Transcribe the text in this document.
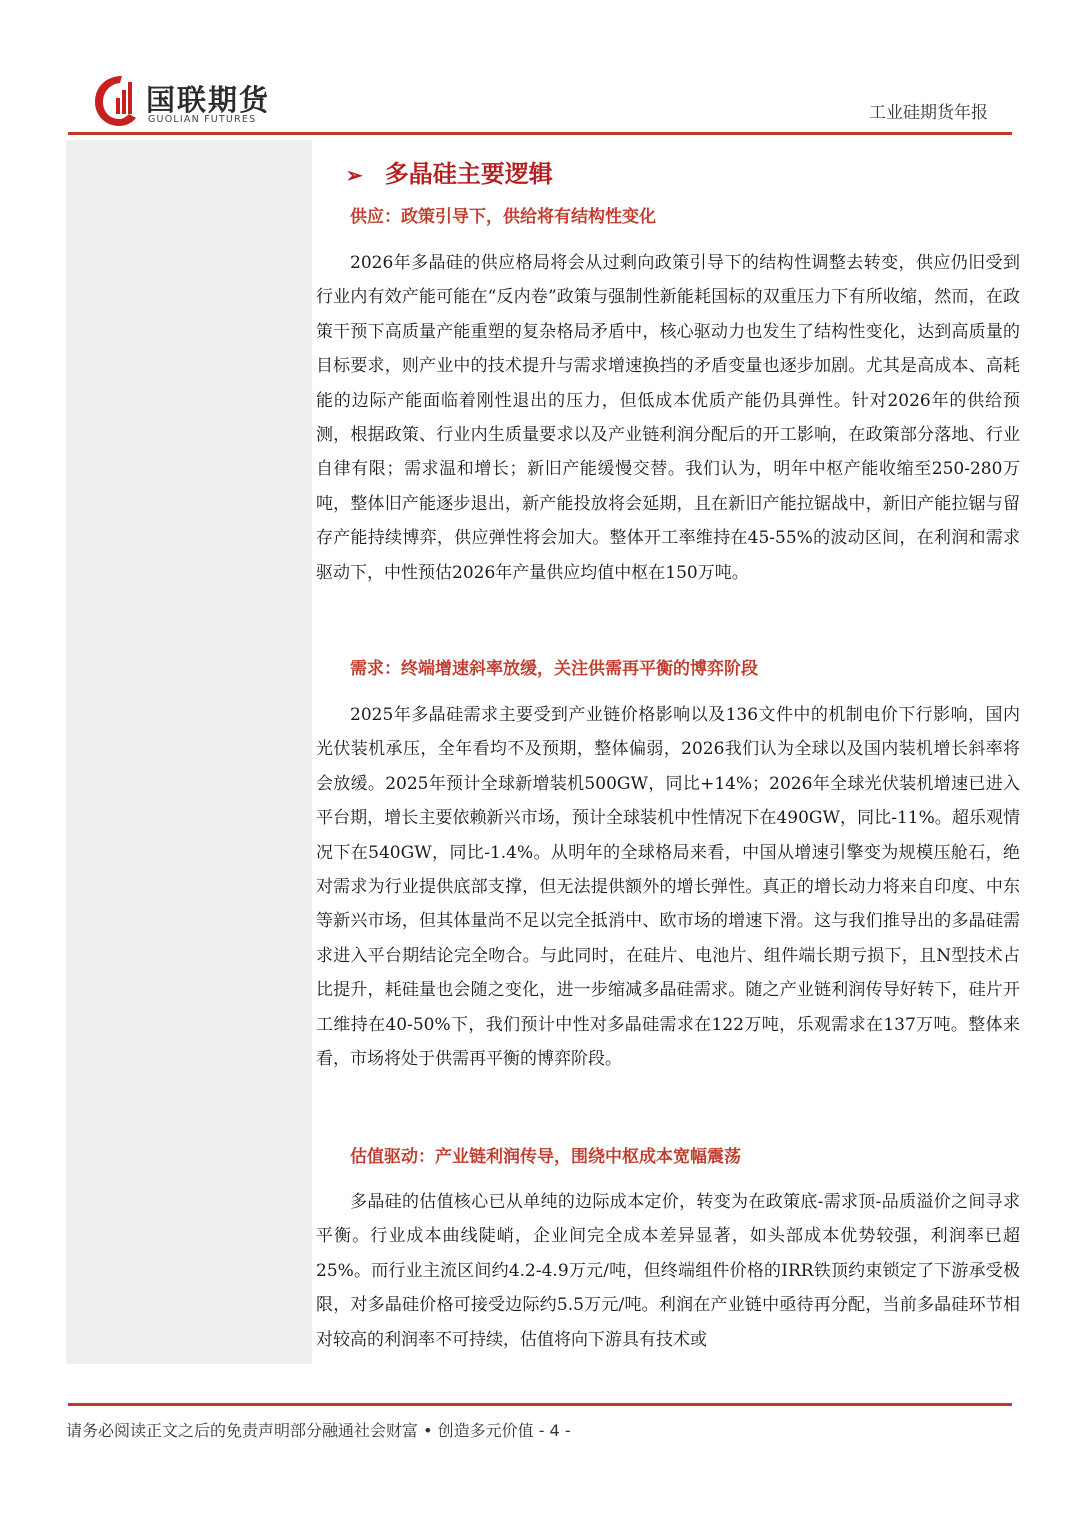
国联期货
GUOLIAN FUTURES	工业硅期货年报
➢ 多晶硅主要逻辑
供应：政策引导下，供给将有结构性变化

2026年多晶硅的供应格局将会从过剩向政策引导下的结构性调整去转变，供应仍旧受到行业内有效产能可能在“反内卷”政策与强制性新能耗国标的双重压力下有所收缩，然而，在政策干预下高质量产能重塑的复杂格局矛盾中，核心驱动力也发生了结构性变化，达到高质量的目标要求，则产业中的技术提升与需求增速换挡的矛盾变量也逐步加剧。尤其是高成本、高耗能的边际产能面临着刚性退出的压力，但低成本优质产能仍具弹性。针对2026年的供给预测，根据政策、行业内生质量要求以及产业链利润分配后的开工影响，在政策部分落地、行业自律有限；需求温和增长；新旧产能缓慢交替。我们认为，明年中枢产能收缩至250-280万吨，整体旧产能逐步退出，新产能投放将会延期，且在新旧产能拉锯战中，新旧产能拉锯与留存产能持续博弈，供应弹性将会加大。整体开工率维持在45-55%的波动区间，在利润和需求驱动下，中性预估2026年产量供应均值中枢在150万吨。

需求：终端增速斜率放缓，关注供需再平衡的博弈阶段

2025年多晶硅需求主要受到产业链价格影响以及136文件中的机制电价下行影响，国内光伏装机承压，全年看均不及预期，整体偏弱，2026我们认为全球以及国内装机增长斜率将会放缓。2025年预计全球新增装机500GW，同比+14%；2026年全球光伏装机增速已进入平台期，增长主要依赖新兴市场，预计全球装机中性情况下在490GW，同比-11%。超乐观情况下在540GW，同比-1.4%。从明年的全球格局来看，中国从增速引擎变为规模压舱石，绝对需求为行业提供底部支撑，但无法提供额外的增长弹性。真正的增长动力将来自印度、中东等新兴市场，但其体量尚不足以完全抵消中、欧市场的增速下滑。这与我们推导出的多晶硅需求进入平台期结论完全吻合。与此同时，在硅片、电池片、组件端长期亏损下，且N型技术占比提升，耗硅量也会随之变化，进一步缩减多晶硅需求。随之产业链利润传导好转下，硅片开工维持在40-50%下，我们预计中性对多晶硅需求在122万吨，乐观需求在137万吨。整体来看，市场将处于供需再平衡的博弈阶段。

估值驱动：产业链利润传导，围绕中枢成本宽幅震荡

多晶硅的估值核心已从单纯的边际成本定价，转变为在政策底-需求顶-品质溢价之间寻求平衡。行业成本曲线陡峭，企业间完全成本差异显著，如头部成本优势较强，利润率已超25%。而行业主流区间约4.2-4.9万元/吨，但终端组件价格的IRR铁顶约束锁定了下游承受极限，对多晶硅价格可接受边际约5.5万元/吨。利润在产业链中亟待再分配，当前多晶硅环节相对较高的利润率不可持续，估值将向下游具有技术或

请务必阅读正文之后的免责声明部分融通社会财富 • 创造多元价值 - 4 -
